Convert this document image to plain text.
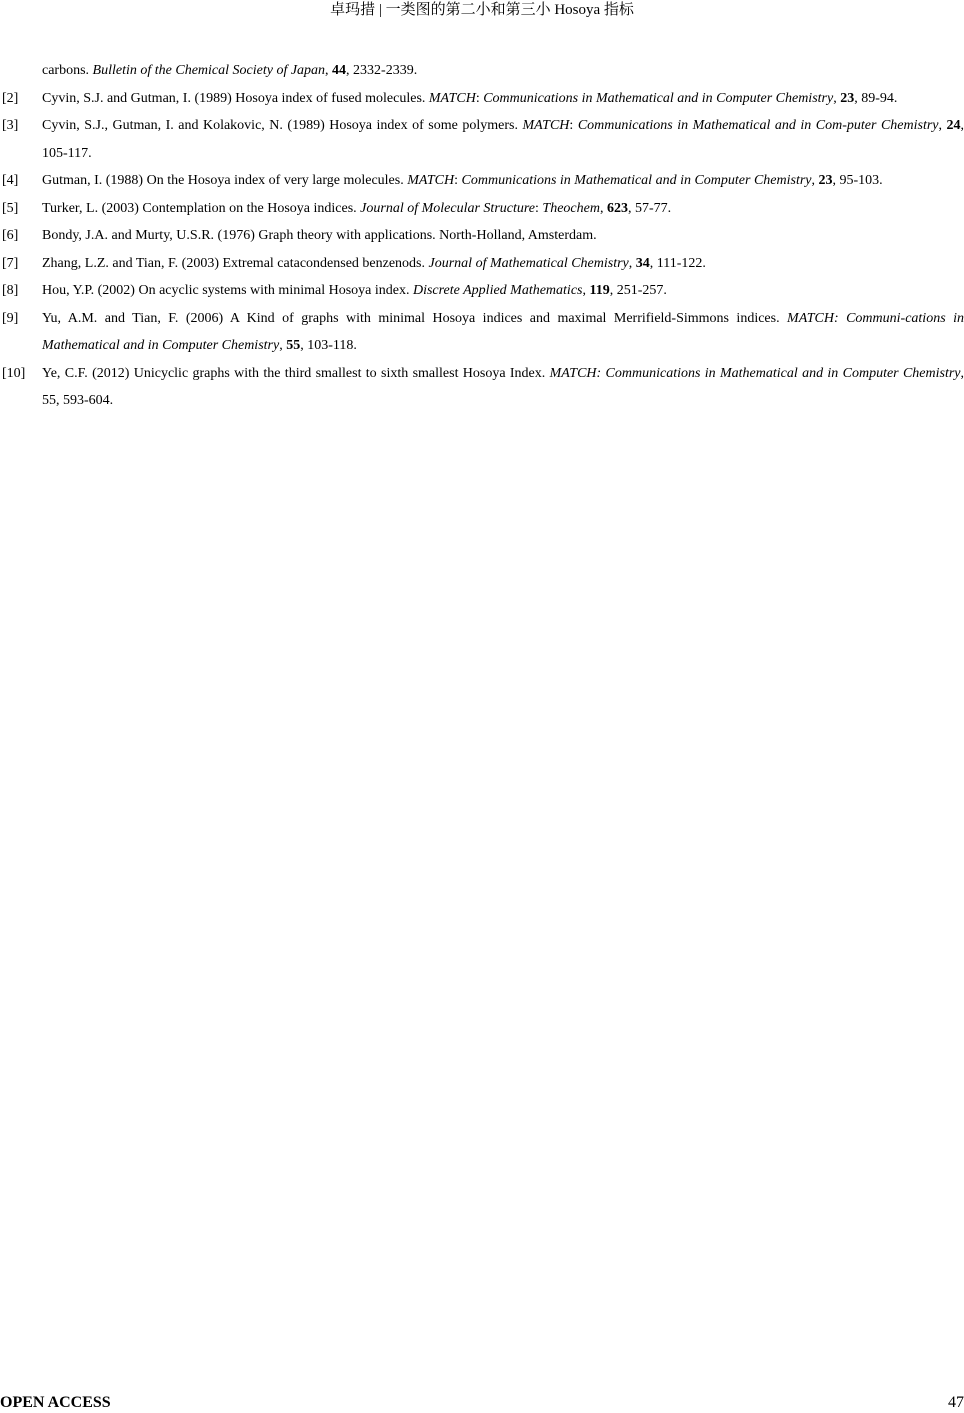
卓玛措 | 一类图的第二小和第三小 Hosoya 指标
carbons. Bulletin of the Chemical Society of Japan, 44, 2332-2339.
[2]	Cyvin, S.J. and Gutman, I. (1989) Hosoya index of fused molecules. MATCH: Communications in Mathematical and in Computer Chemistry, 23, 89-94.
[3]	Cyvin, S.J., Gutman, I. and Kolakovic, N. (1989) Hosoya index of some polymers. MATCH: Communications in Mathematical and in Com-puter Chemistry, 24, 105-117.
[4]	Gutman, I. (1988) On the Hosoya index of very large molecules. MATCH: Communications in Mathematical and in Computer Chemistry, 23, 95-103.
[5]	Turker, L. (2003) Contemplation on the Hosoya indices. Journal of Molecular Structure: Theochem, 623, 57-77.
[6]	Bondy, J.A. and Murty, U.S.R. (1976) Graph theory with applications. North-Holland, Amsterdam.
[7]	Zhang, L.Z. and Tian, F. (2003) Extremal catacondensed benzenods. Journal of Mathematical Chemistry, 34, 111-122.
[8]	Hou, Y.P. (2002) On acyclic systems with minimal Hosoya index. Discrete Applied Mathematics, 119, 251-257.
[9]	Yu, A.M. and Tian, F. (2006) A Kind of graphs with minimal Hosoya indices and maximal Merrifield-Simmons indices. MATCH: Communi-cations in Mathematical and in Computer Chemistry, 55, 103-118.
[10]	Ye, C.F. (2012) Unicyclic graphs with the third smallest to sixth smallest Hosoya Index. MATCH: Communications in Mathematical and in Computer Chemistry, 55, 593-604.
OPEN ACCESS	47
